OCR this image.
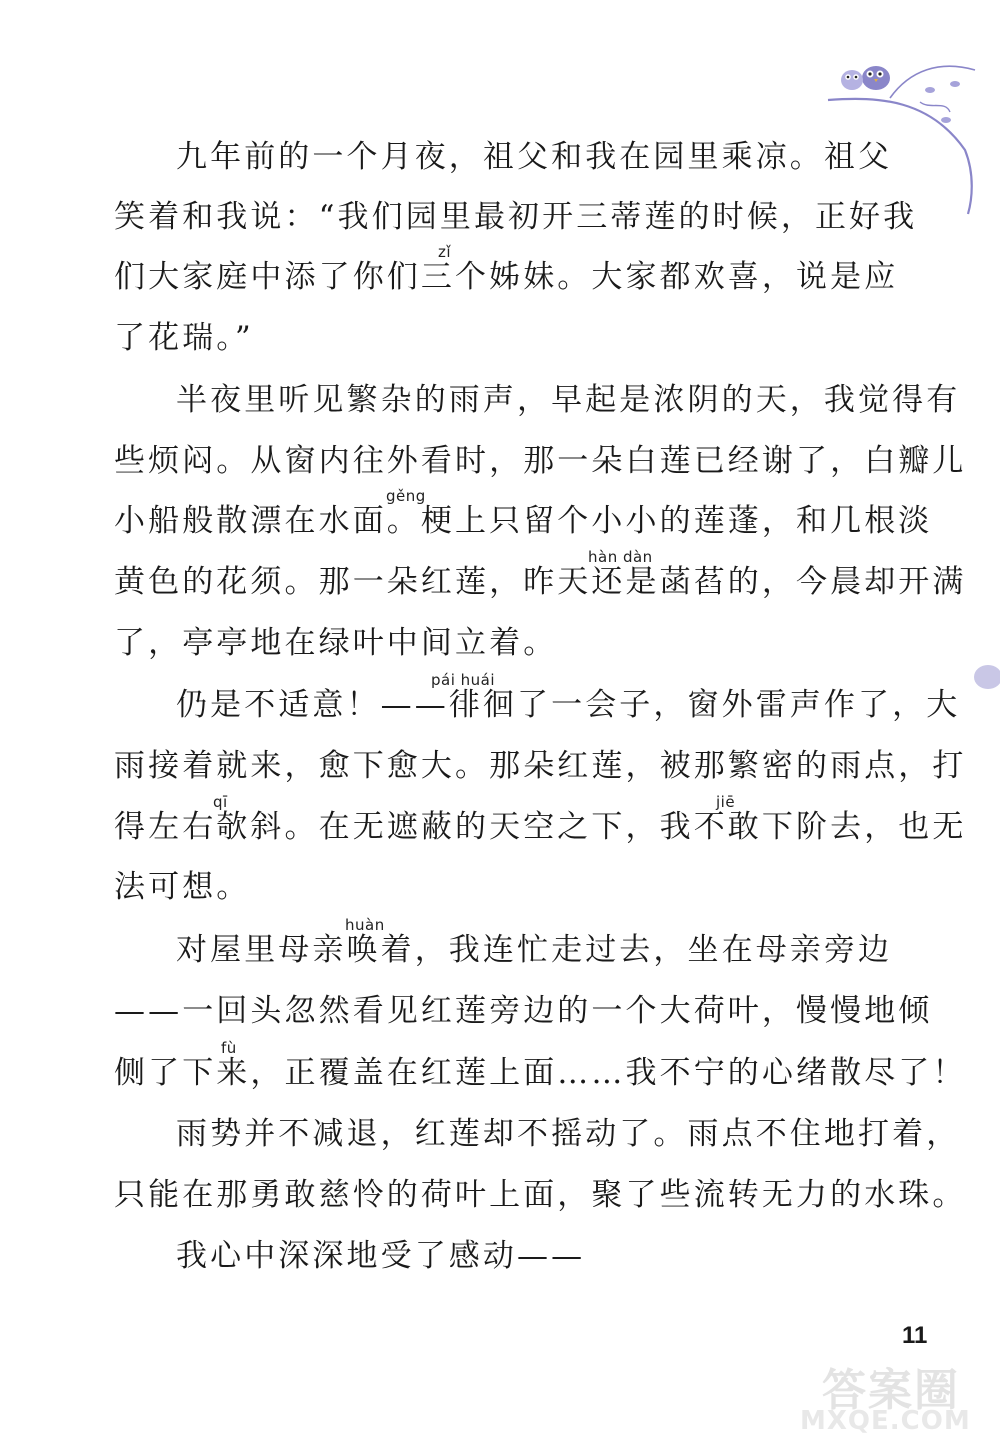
九年前的一个月夜，祖父和我在园里乘凉。祖父
笑着和我说：“我们园里最初开三蒂莲的时候，正好我
zǐ
们大家庭中添了你们三个姊妹。大家都欢喜，说是应
了花瑞。”
半夜里听见繁杂的雨声，早起是浓阴的天，我觉得有
些烦闷。从窗内往外看时，那一朵白莲已经谢了，白瓣儿
gěng
小船般散漂在水面。梗上只留个小小的莲蓬，和几根淡
hàn dàn
黄色的花须。那一朵红莲，昨天还是菡萏的，今晨却开满
了，亭亭地在绿叶中间立着。
pái huái
仍是不适意！——徘徊了一会子，窗外雷声作了，大
雨接着就来，愈下愈大。那朵红莲，被那繁密的雨点，打
qī	jiē
得左右欹斜。在无遮蔽的天空之下，我不敢下阶去，也无
法可想。
huàn
对屋里母亲唤着，我连忙走过去，坐在母亲旁边
——一回头忽然看见红莲旁边的一个大荷叶，慢慢地倾
fù
侧了下来，正覆盖在红莲上面……我不宁的心绪散尽了！
雨势并不减退，红莲却不摇动了。雨点不住地打着，
只能在那勇敢慈怜的荷叶上面，聚了些流转无力的水珠。
我心中深深地受了感动——
11
答案圈
MXQE.COM
